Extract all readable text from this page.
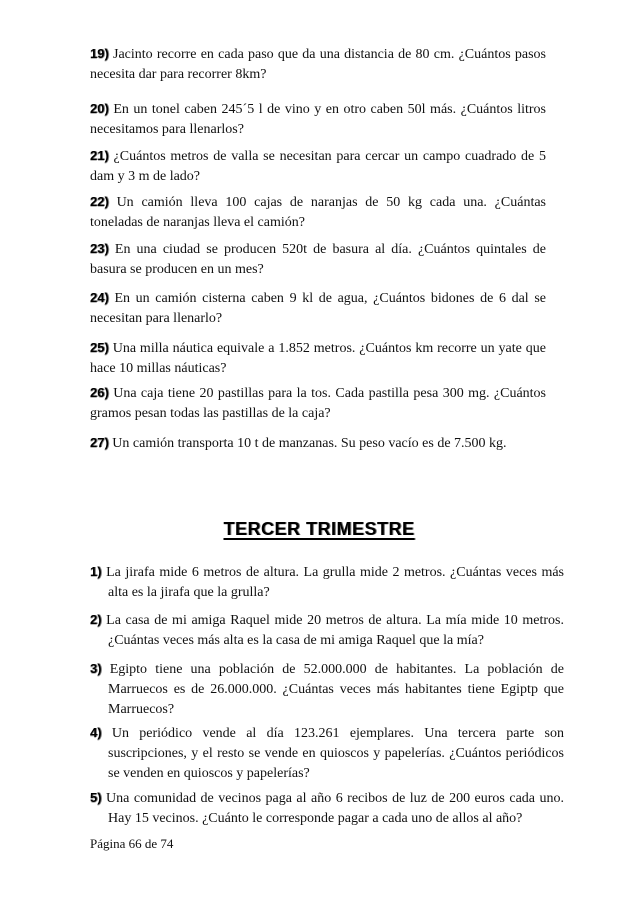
19) Jacinto recorre en cada paso que da una distancia de 80 cm. ¿Cuántos pasos necesita dar para recorrer 8km?
20) En un tonel caben 245´5 l de vino y en otro caben 50l más. ¿Cuántos litros necesitamos para llenarlos?
21) ¿Cuántos metros de valla se necesitan para cercar un campo cuadrado de 5 dam y 3 m de lado?
22) Un camión lleva 100 cajas de naranjas de 50 kg cada una. ¿Cuántas toneladas de naranjas lleva el camión?
23) En una ciudad se producen 520t de basura al día. ¿Cuántos quintales de basura se producen en un mes?
24) En un camión cisterna caben 9 kl de agua, ¿Cuántos bidones de 6 dal se necesitan para llenarlo?
25) Una milla náutica equivale a 1.852 metros. ¿Cuántos km recorre un yate que hace 10 millas náuticas?
26) Una caja tiene 20 pastillas para la tos. Cada pastilla pesa 300 mg. ¿Cuántos gramos pesan todas las pastillas de la caja?
27) Un camión transporta 10 t de manzanas. Su peso vacío es de 7.500 kg.
TERCER TRIMESTRE
1) La jirafa mide 6 metros de altura. La grulla mide 2 metros. ¿Cuántas veces más alta es la jirafa que la grulla?
2) La casa de mi amiga Raquel mide 20 metros de altura. La mía mide 10 metros. ¿Cuántas veces más alta es la casa de mi amiga Raquel que la mía?
3) Egipto tiene una población de 52.000.000 de habitantes. La población de Marruecos es de 26.000.000. ¿Cuántas veces más habitantes tiene Egiptp que Marruecos?
4) Un periódico vende al día 123.261 ejemplares. Una tercera parte son suscripciones, y el resto se vende en quioscos y papelerías. ¿Cuántos periódicos se venden en quioscos y papelerías?
5) Una comunidad de vecinos paga al año 6 recibos de luz de 200 euros cada uno. Hay 15 vecinos. ¿Cuánto le corresponde pagar a cada uno de allos al año?
Página 66 de 74
